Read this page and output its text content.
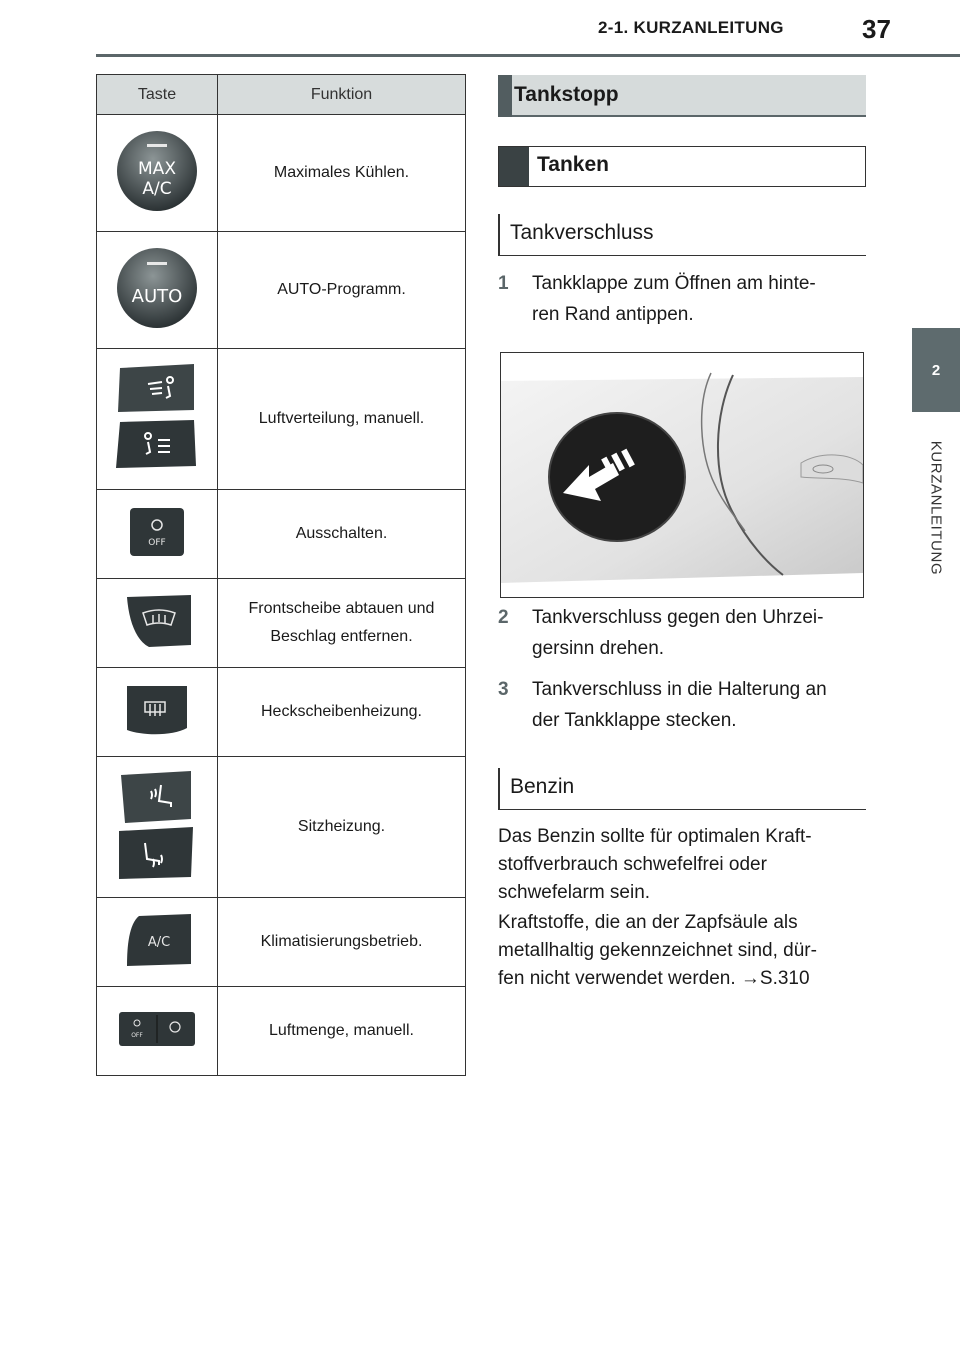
2-1. KURZANLEITUNG	37
2
KURZANLEITUNG
Taste	Funktion

MAX
A/C	Maximales Kühlen.

AUTO	AUTO-Programm.

Luftverteilung, manuell.

OFF	Ausschalten.

Frontscheibe abtauen und
Beschlag entfernen.

Heckscheibenheizung.

Sitzheizung.

A/C	Klimatisierungsbetrieb.

OFF	Luftmenge, manuell.
Tankstopp
Tanken
Tankverschluss
1 Tankklappe zum Öffnen am hinte-
ren Rand antippen.
2 Tankverschluss gegen den Uhrzei-
gersinn drehen.
3 Tankverschluss in die Halterung an
der Tankklappe stecken.
Benzin
Das Benzin sollte für optimalen Kraft-
stoffverbrauch schwefelfrei oder
schwefelarm sein.
Kraftstoffe, die an der Zapfsäule als
metallhaltig gekennzeichnet sind, dür-
fen nicht verwendet werden. →S.310
